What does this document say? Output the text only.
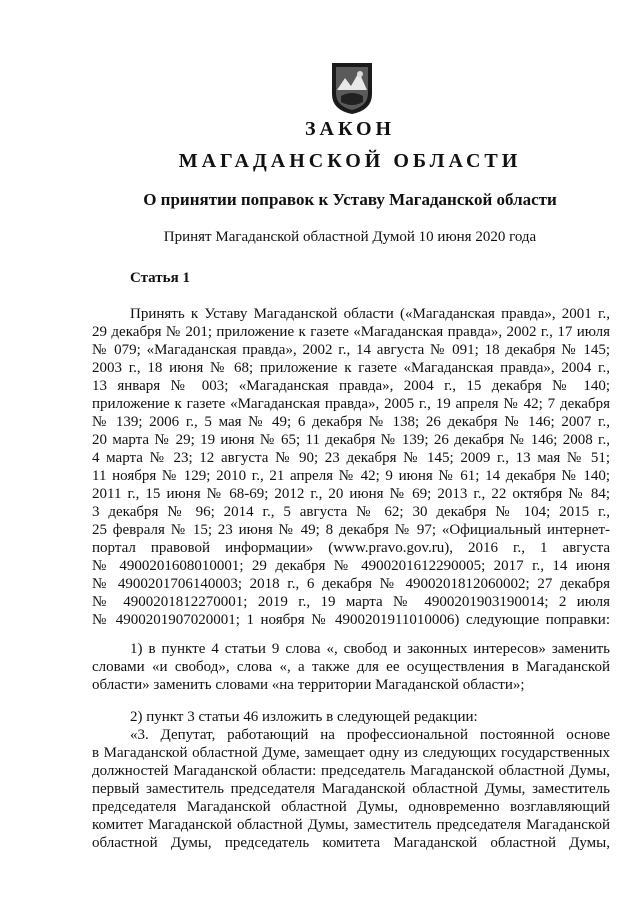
ЗАКОН
МАГАДАНСКОЙ ОБЛАСТИ
О принятии поправок к Уставу Магаданской области
Принят Магаданской областной Думой 10 июня 2020 года
Статья 1
Принять к Уставу Магаданской области («Магаданская правда», 2001 г.,
29 декабря № 201; приложение к газете «Магаданская правда», 2002 г., 17 июля
№ 079; «Магаданская правда», 2002 г., 14 августа № 091; 18 декабря № 145;
2003 г., 18 июня № 68; приложение к газете «Магаданская правда», 2004 г.,
13 января № 003; «Магаданская правда», 2004 г., 15 декабря № 140;
приложение к газете «Магаданская правда», 2005 г., 19 апреля № 42; 7 декабря
№ 139; 2006 г., 5 мая № 49; 6 декабря № 138; 26 декабря № 146; 2007 г.,
20 марта № 29; 19 июня № 65; 11 декабря № 139; 26 декабря № 146; 2008 г.,
4 марта № 23; 12 августа № 90; 23 декабря № 145; 2009 г., 13 мая № 51;
11 ноября № 129; 2010 г., 21 апреля № 42; 9 июня № 61; 14 декабря № 140;
2011 г., 15 июня № 68-69; 2012 г., 20 июня № 69; 2013 г., 22 октября № 84;
3 декабря № 96; 2014 г., 5 августа № 62; 30 декабря № 104; 2015 г.,
25 февраля № 15; 23 июня № 49; 8 декабря № 97; «Официальный интернет-
портал правовой информации» (www.pravo.gov.ru), 2016 г., 1 августа
№ 4900201608010001; 29 декабря № 4900201612290005; 2017 г., 14 июня
№ 4900201706140003; 2018 г., 6 декабря № 4900201812060002; 27 декабря
№ 4900201812270001; 2019 г., 19 марта № 4900201903190014; 2 июля
№ 4900201907020001; 1 ноября № 4900201911010006) следующие поправки:
1) в пункте 4 статьи 9 слова «, свобод и законных интересов» заменить
словами «и свобод», слова «, а также для ее осуществления в Магаданской
области» заменить словами «на территории Магаданской области»;
2) пункт 3 статьи 46 изложить в следующей редакции:
«3. Депутат, работающий на профессиональной постоянной основе
в Магаданской областной Думе, замещает одну из следующих государственных
должностей Магаданской области: председатель Магаданской областной Думы,
первый заместитель председателя Магаданской областной Думы, заместитель
председателя Магаданской областной Думы, одновременно возглавляющий
комитет Магаданской областной Думы, заместитель председателя Магаданской
областной Думы, председатель комитета Магаданской областной Думы,
